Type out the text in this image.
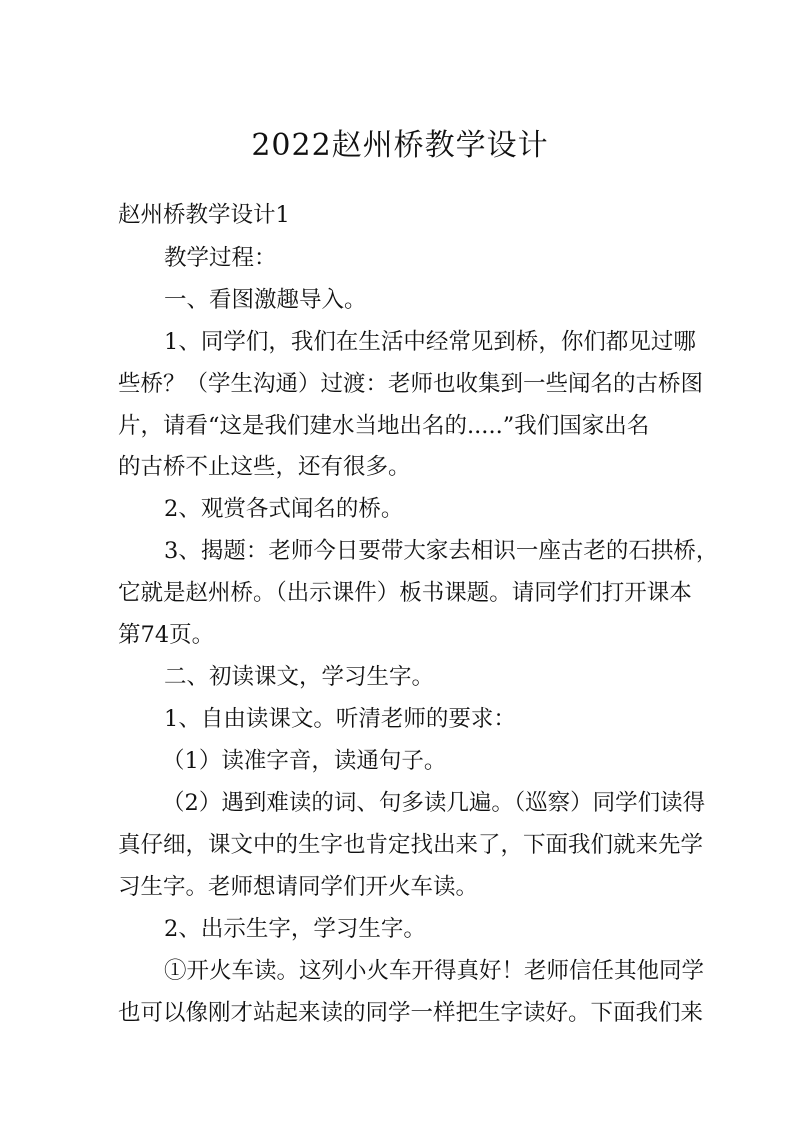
2022赵州桥教学设计
赵州桥教学设计1
教学过程：
一、看图激趣导入。
1、同学们，我们在生活中经常见到桥，你们都见过哪
些桥？（学生沟通）过渡：老师也收集到一些闻名的古桥图
片，请看“这是我们建水当地出名的.....”我们国家出名
的古桥不止这些，还有很多。
2、观赏各式闻名的桥。
3、揭题：老师今日要带大家去相识一座古老的石拱桥，
它就是赵州桥。（出示课件）板书课题。请同学们打开课本
第74页。
二、初读课文，学习生字。
1、自由读课文。听清老师的要求：
（1）读准字音，读通句子。
（2）遇到难读的词、句多读几遍。（巡察）同学们读得
真仔细，课文中的生字也肯定找出来了，下面我们就来先学
习生字。老师想请同学们开火车读。
2、出示生字，学习生字。
①开火车读。这列小火车开得真好！老师信任其他同学
也可以像刚才站起来读的同学一样把生字读好。下面我们来
